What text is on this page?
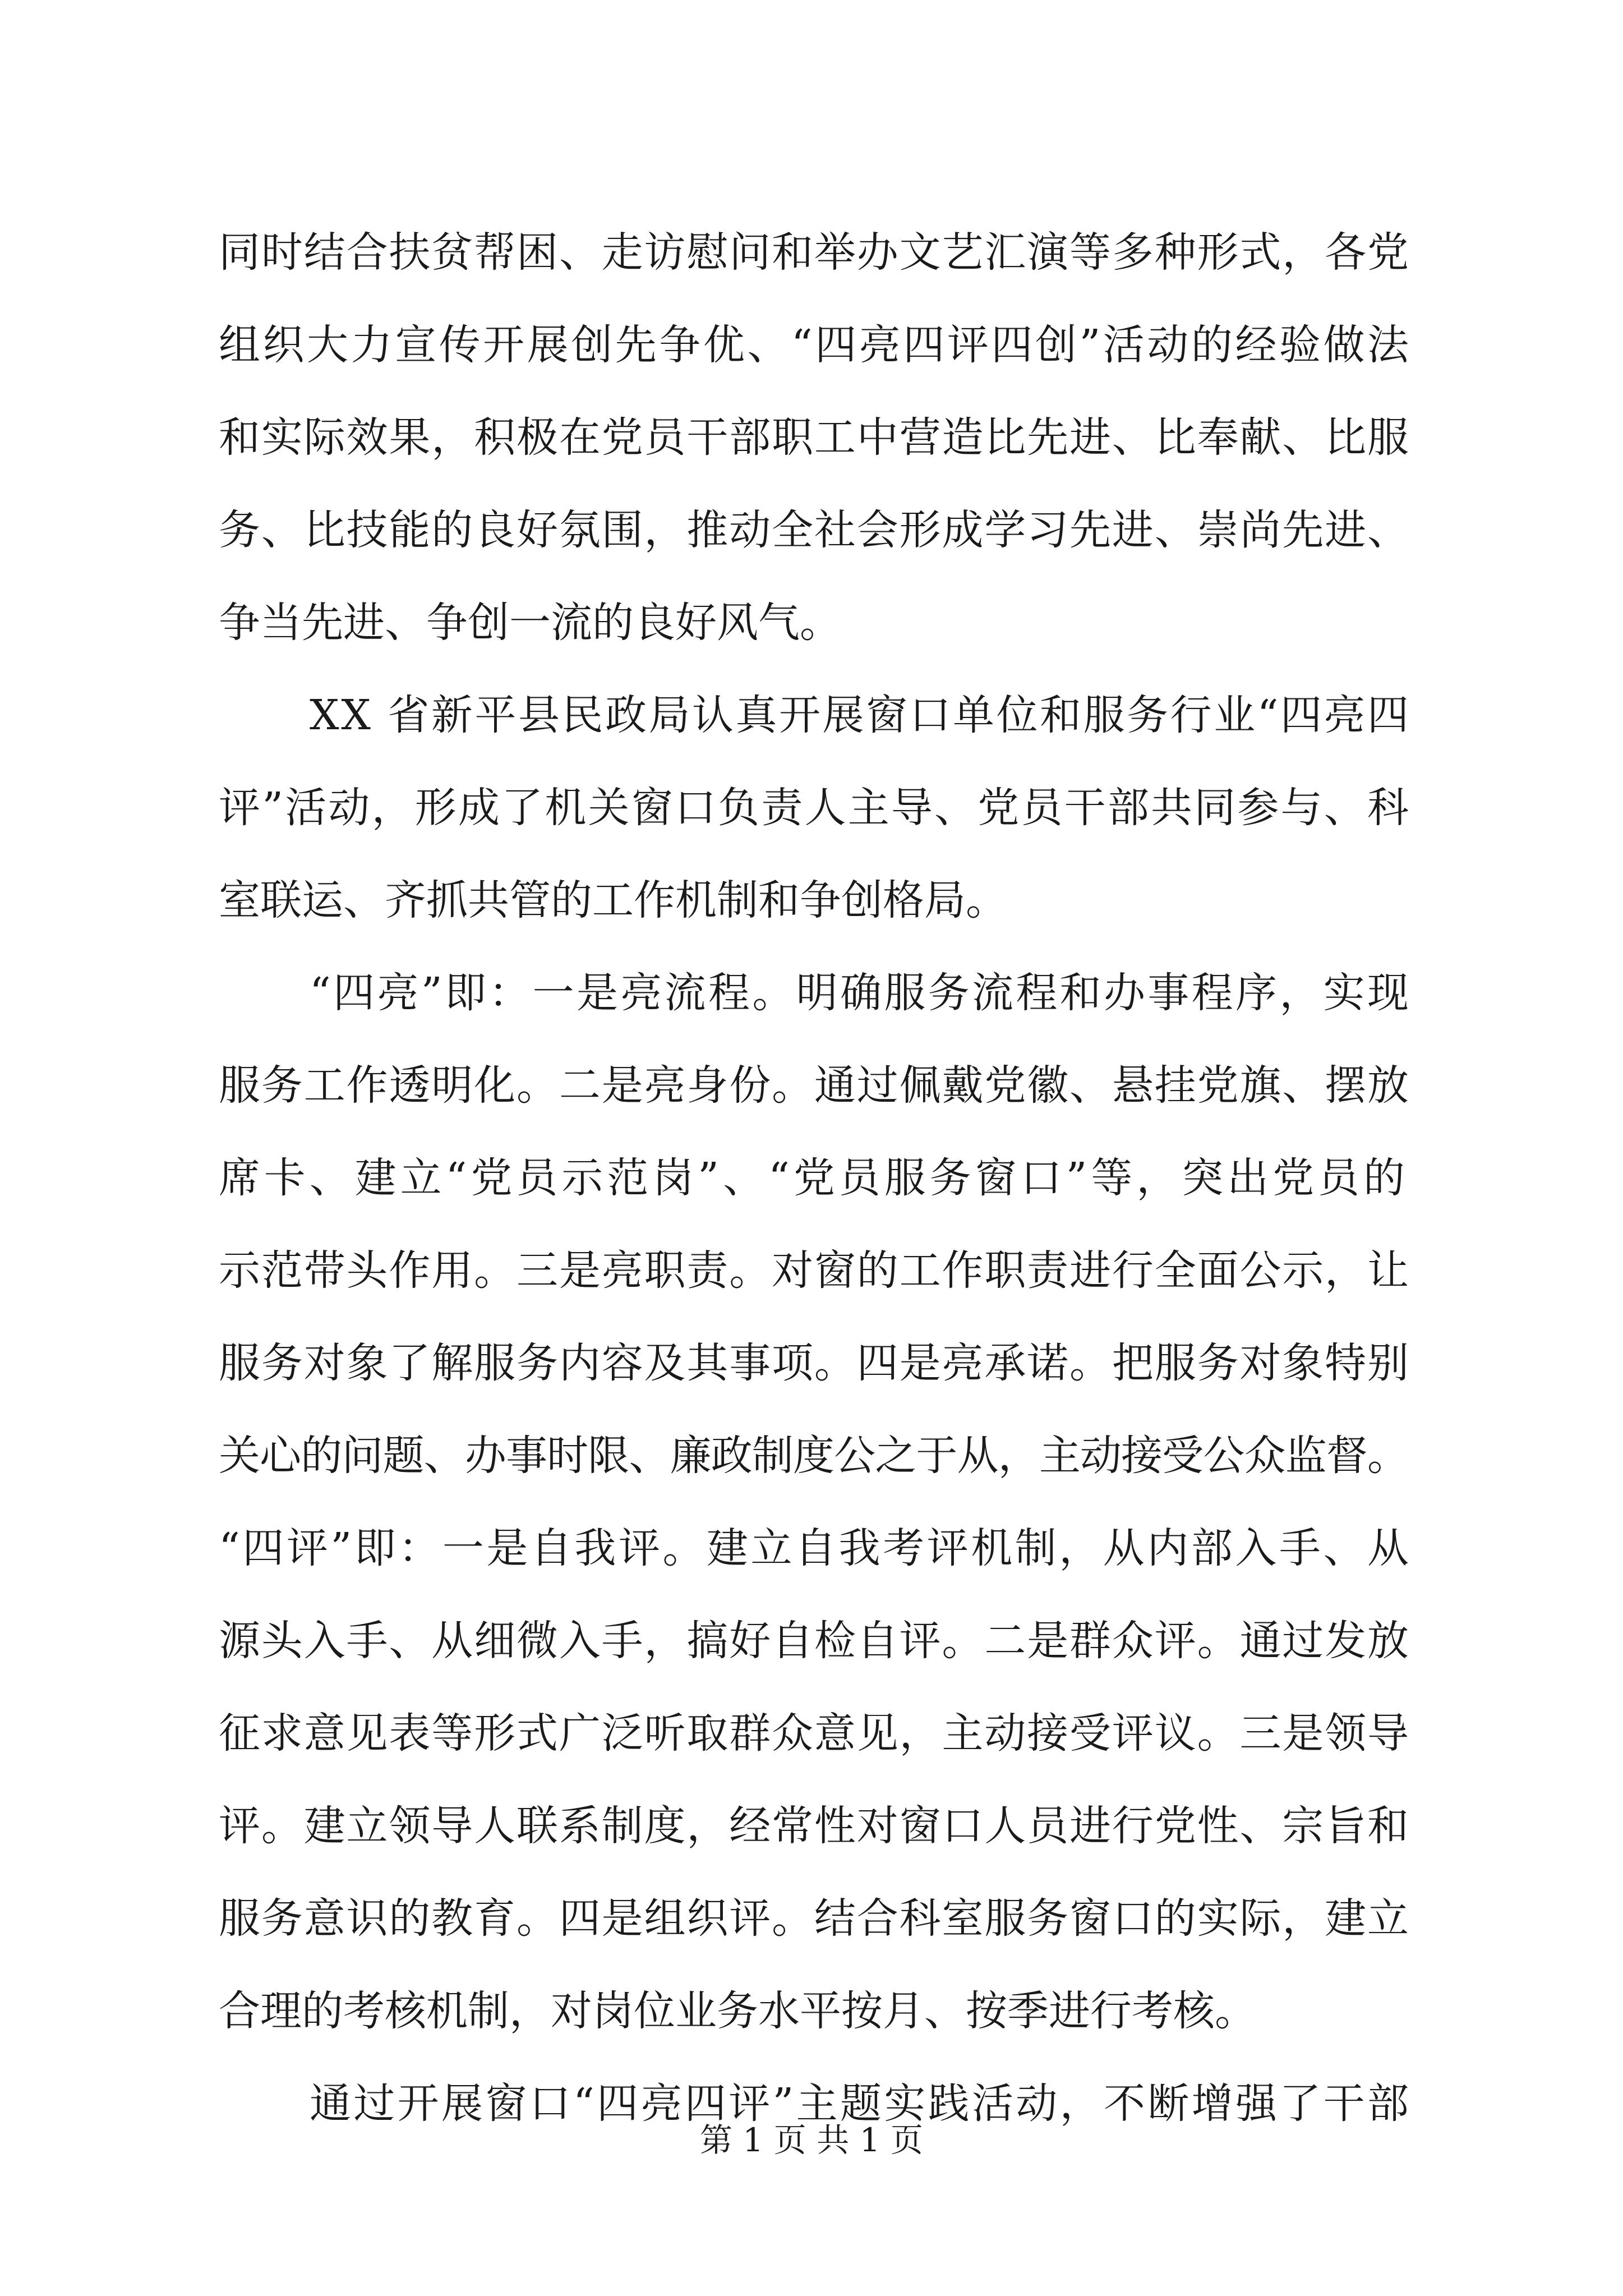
同时结合扶贫帮困、走访慰问和举办文艺汇演等多种形式，各党
组织大力宣传开展创先争优、“四亮四评四创”活动的经验做法
和实际效果，积极在党员干部职工中营造比先进、比奉献、比服
务、比技能的良好氛围，推动全社会形成学习先进、崇尚先进、
争当先进、争创一流的良好风气。
XX 省新平县民政局认真开展窗口单位和服务行业“四亮四
评”活动，形成了机关窗口负责人主导、党员干部共同参与、科
室联运、齐抓共管的工作机制和争创格局。
“四亮”即：一是亮流程。明确服务流程和办事程序，实现
服务工作透明化。二是亮身份。通过佩戴党徽、悬挂党旗、摆放
席卡、建立“党员示范岗”、“党员服务窗口”等，突出党员的
示范带头作用。三是亮职责。对窗的工作职责进行全面公示，让
服务对象了解服务内容及其事项。四是亮承诺。把服务对象特别
关心的问题、办事时限、廉政制度公之于从，主动接受公众监督。
“四评”即：一是自我评。建立自我考评机制，从内部入手、从
源头入手、从细微入手，搞好自检自评。二是群众评。通过发放
征求意见表等形式广泛听取群众意见，主动接受评议。三是领导
评。建立领导人联系制度，经常性对窗口人员进行党性、宗旨和
服务意识的教育。四是组织评。结合科室服务窗口的实际，建立
合理的考核机制，对岗位业务水平按月、按季进行考核。
通过开展窗口“四亮四评”主题实践活动，不断增强了干部
第 1 页 共 1 页
